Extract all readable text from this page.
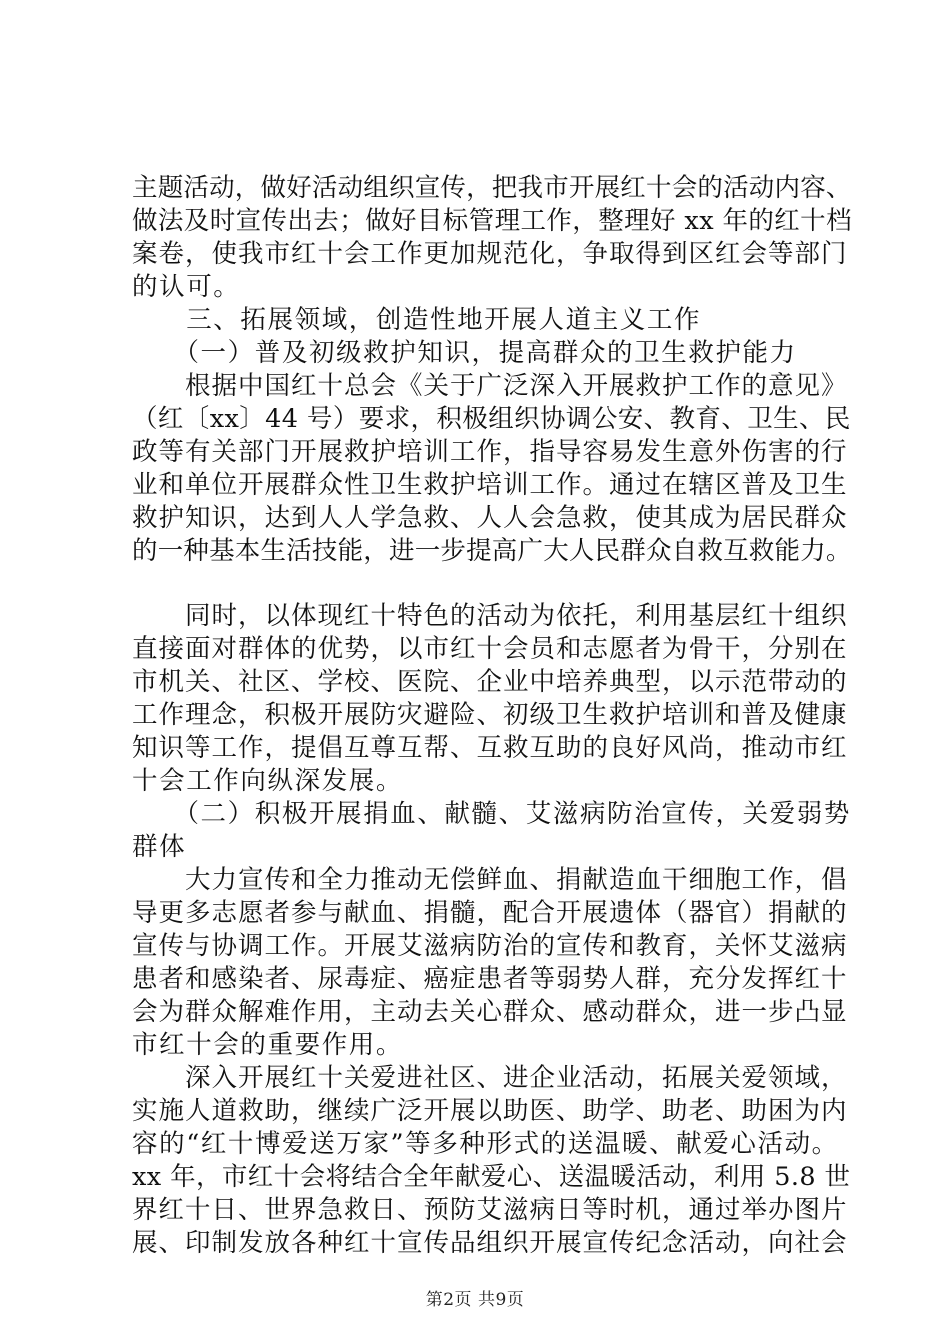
主题活动，做好活动组织宣传，把我市开展红十会的活动内容、
做法及时宣传出去；做好目标管理工作，整理好 xx 年的红十档
案卷，使我市红十会工作更加规范化，争取得到区红会等部门
的认可。
　　三、拓展领域，创造性地开展人道主义工作
　　（一）普及初级救护知识，提高群众的卫生救护能力
　　根据中国红十总会《关于广泛深入开展救护工作的意见》
（红〔xx〕44 号）要求，积极组织协调公安、教育、卫生、民
政等有关部门开展救护培训工作，指导容易发生意外伤害的行
业和单位开展群众性卫生救护培训工作。通过在辖区普及卫生
救护知识，达到人人学急救、人人会急救，使其成为居民群众
的一种基本生活技能，进一步提高广大人民群众自救互救能力。
　　同时，以体现红十特色的活动为依托，利用基层红十组织
直接面对群体的优势，以市红十会员和志愿者为骨干，分别在
市机关、社区、学校、医院、企业中培养典型，以示范带动的
工作理念，积极开展防灾避险、初级卫生救护培训和普及健康
知识等工作，提倡互尊互帮、互救互助的良好风尚，推动市红
十会工作向纵深发展。
　　（二）积极开展捐血、献髓、艾滋病防治宣传，关爱弱势
群体
　　大力宣传和全力推动无偿鲜血、捐献造血干细胞工作，倡
导更多志愿者参与献血、捐髓，配合开展遗体（器官）捐献的
宣传与协调工作。开展艾滋病防治的宣传和教育，关怀艾滋病
患者和感染者、尿毒症、癌症患者等弱势人群，充分发挥红十
会为群众解难作用，主动去关心群众、感动群众，进一步凸显
市红十会的重要作用。
　　深入开展红十关爱进社区、进企业活动，拓展关爱领域，
实施人道救助，继续广泛开展以助医、助学、助老、助困为内
容的“红十博爱送万家”等多种形式的送温暖、献爱心活动。
xx 年，市红十会将结合全年献爱心、送温暖活动，利用 5.8 世
界红十日、世界急救日、预防艾滋病日等时机，通过举办图片
展、印制发放各种红十宣传品组织开展宣传纪念活动，向社会
第2页 共9页
